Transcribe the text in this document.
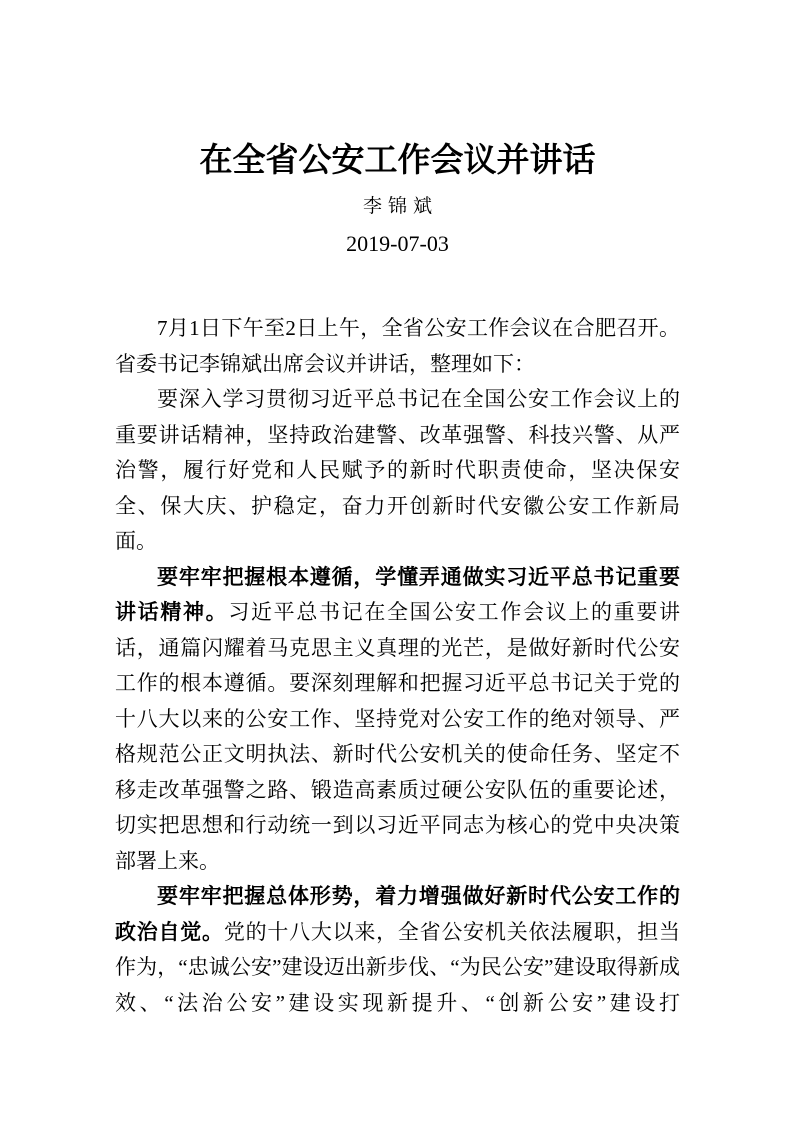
在全省公安工作会议并讲话
李锦斌
2019-07-03

7月1日下午至2日上午，全省公安工作会议在合肥召开。省委书记李锦斌出席会议并讲话，整理如下：

要深入学习贯彻习近平总书记在全国公安工作会议上的重要讲话精神，坚持政治建警、改革强警、科技兴警、从严治警，履行好党和人民赋予的新时代职责使命，坚决保安全、保大庆、护稳定，奋力开创新时代安徽公安工作新局面。

要牢牢把握根本遵循，学懂弄通做实习近平总书记重要讲话精神。习近平总书记在全国公安工作会议上的重要讲话，通篇闪耀着马克思主义真理的光芒，是做好新时代公安工作的根本遵循。要深刻理解和把握习近平总书记关于党的十八大以来的公安工作、坚持党对公安工作的绝对领导、严格规范公正文明执法、新时代公安机关的使命任务、坚定不移走改革强警之路、锻造高素质过硬公安队伍的重要论述，切实把思想和行动统一到以习近平同志为核心的党中央决策部署上来。

要牢牢把握总体形势，着力增强做好新时代公安工作的政治自觉。党的十八大以来，全省公安机关依法履职，担当作为，“忠诚公安”建设迈出新步伐、“为民公安”建设取得新成效、“法治公安”建设实现新提升、“创新公安”建设打
